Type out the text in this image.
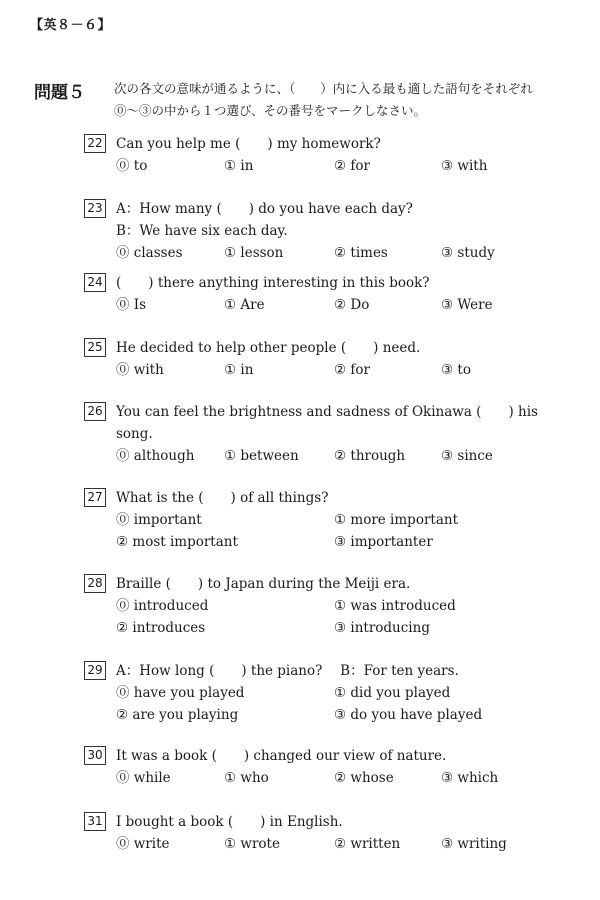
【英８－６】
問題５ 次の各文の意味が通るように、（　　）内に入る最も適した語句をそれぞれ
⓪～③の中から１つ選び、その番号をマークしなさい。
22 Can you help me (　　) my homework?
⓪ to	① in	② for	③ with
23 A：How many (　　) do you have each day?
B：We have six each day.
⓪ classes	① lesson	② times	③ study
24 (　　) there anything interesting in this book?
⓪ Is	① Are	② Do	③ Were
25 He decided to help other people (　　) need.
⓪ with	① in	② for	③ to
26 You can feel the brightness and sadness of Okinawa (　　) his
song.
⓪ although ① between	② through	③ since
27 What is the (　　) of all things?
⓪ important	① more important
② most important	③ importanter
28 Braille (　　) to Japan during the Meiji era.
⓪ introduced	① was introduced
② introduces	③ introducing
29 A：How long (　　) the piano?　 B：For ten years.
⓪ have you played	① did you played
② are you playing	③ do you have played
30 It was a book (　　) changed our view of nature.
⓪ while	① who	② whose	③ which
31 I bought a book (　　) in English.
⓪ write	① wrote	② written	③ writing
